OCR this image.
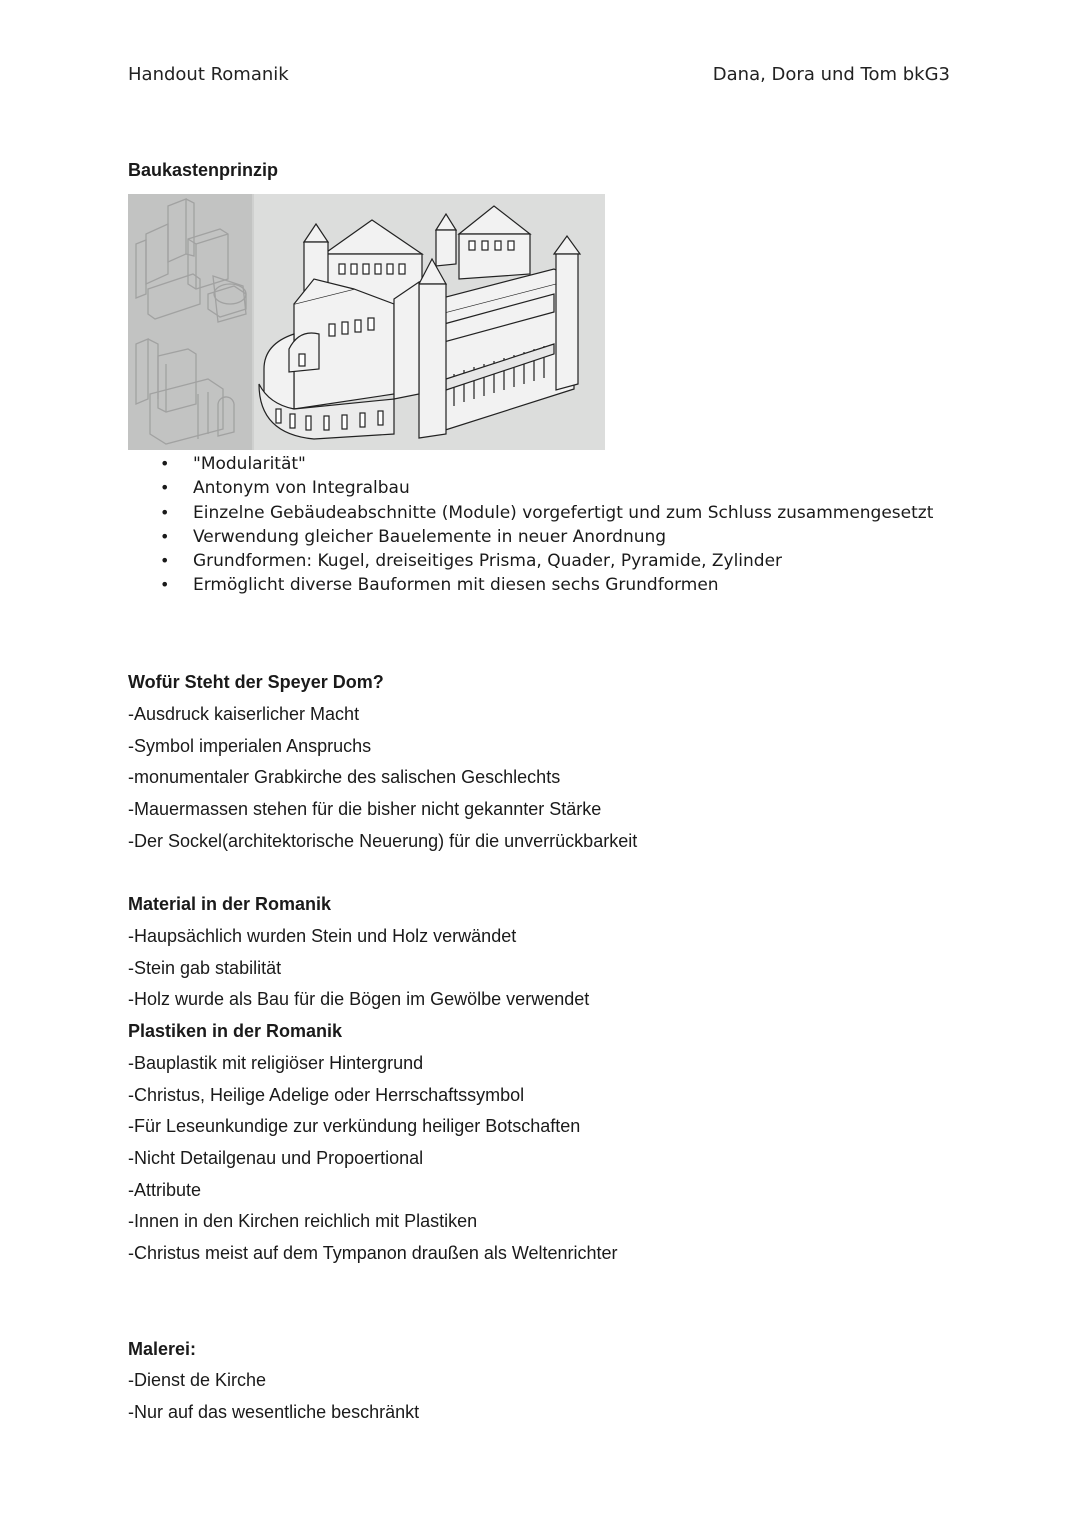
Handout Romanik	Dana, Dora und Tom bkG3
Baukastenprinzip
• "Modularität"
• Antonym von Integralbau
• Einzelne Gebäudeabschnitte (Module) vorgefertigt und zum Schluss zusammengesetzt
• Verwendung gleicher Bauelemente in neuer Anordnung
• Grundformen: Kugel, dreiseitiges Prisma, Quader, Pyramide, Zylinder
• Ermöglicht diverse Bauformen mit diesen sechs Grundformen
Wofür Steht der Speyer Dom?
-Ausdruck kaiserlicher Macht
-Symbol imperialen Anspruchs
-monumentaler Grabkirche des salischen Geschlechts
-Mauermassen stehen für die bisher nicht gekannter Stärke
-Der Sockel(architektorische Neuerung) für die unverrückbarkeit
Material in der Romanik
-Haupsächlich wurden Stein und Holz verwändet
-Stein gab stabilität
-Holz wurde als Bau für die Bögen im Gewölbe verwendet
Plastiken in der Romanik
-Bauplastik mit religiöser Hintergrund
-Christus, Heilige Adelige oder Herrschaftssymbol
-Für Leseunkundige zur verkündung heiliger Botschaften
-Nicht Detailgenau und Propoertional
-Attribute
-Innen in den Kirchen reichlich mit Plastiken
-Christus meist auf dem Tympanon draußen als Weltenrichter
Malerei:
-Dienst de Kirche
-Nur auf das wesentliche beschränkt
